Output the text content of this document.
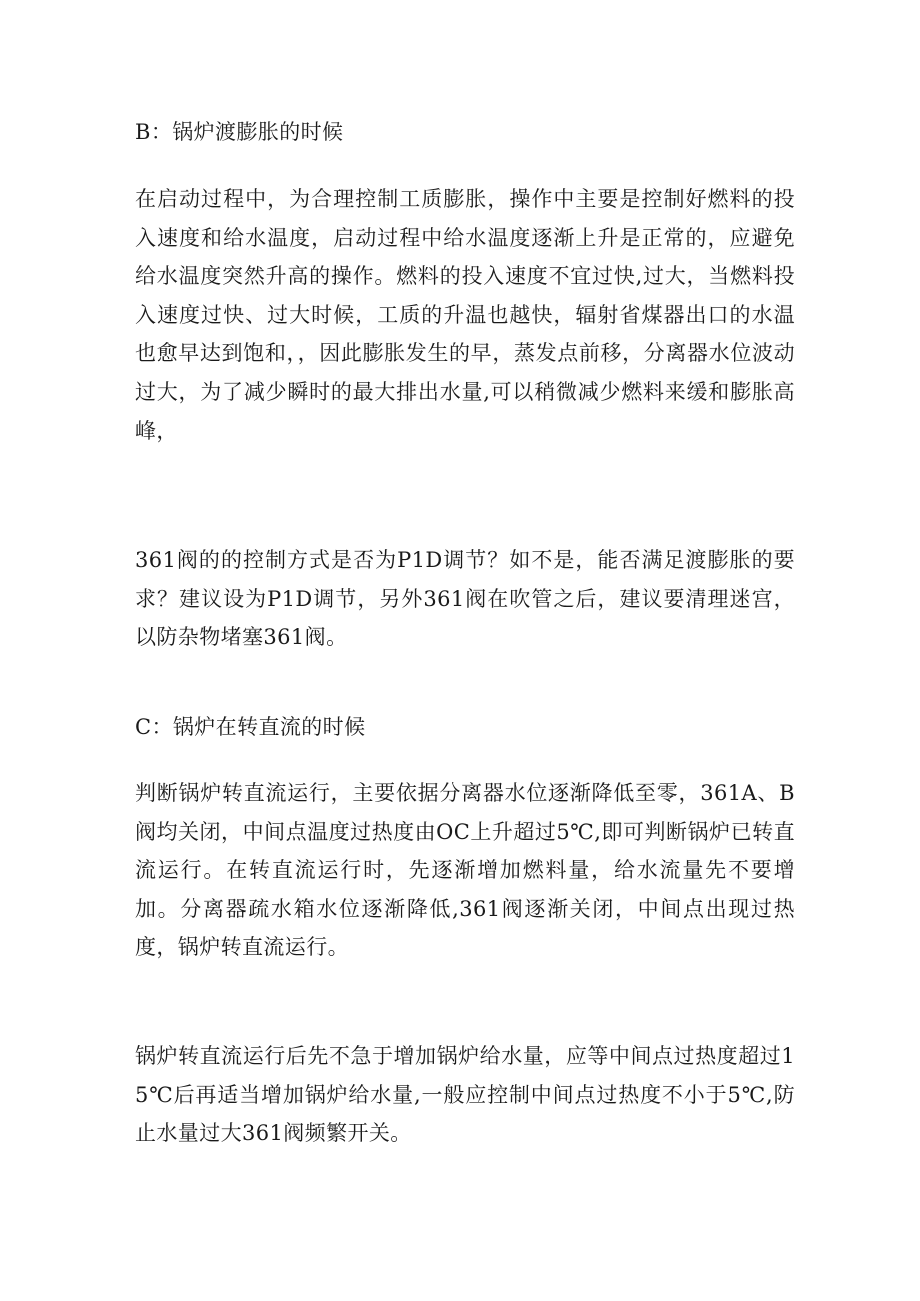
B：锅炉渡膨胀的时候

在启动过程中，为合理控制工质膨胀，操作中主要是控制好燃料的投入速度和给水温度，启动过程中给水温度逐渐上升是正常的，应避免给水温度突然升高的操作。燃料的投入速度不宜过快,过大，当燃料投入速度过快、过大时候，工质的升温也越快，辐射省煤器出口的水温也愈早达到饱和，，因此膨胀发生的早，蒸发点前移，分离器水位波动过大，为了减少瞬时的最大排出水量,可以稍微减少燃料来缓和膨胀高峰，

361阀的的控制方式是否为P1D调节？如不是，能否满足渡膨胀的要求？建议设为P1D调节，另外361阀在吹管之后，建议要清理迷宫，以防杂物堵塞361阀。

C：锅炉在转直流的时候

判断锅炉转直流运行，主要依据分离器水位逐渐降低至零，361A、B阀均关闭，中间点温度过热度由OC上升超过5℃,即可判断锅炉已转直流运行。在转直流运行时，先逐渐增加燃料量，给水流量先不要增加。分离器疏水箱水位逐渐降低,361阀逐渐关闭，中间点出现过热度，锅炉转直流运行。

锅炉转直流运行后先不急于增加锅炉给水量，应等中间点过热度超过15℃后再适当增加锅炉给水量,一般应控制中间点过热度不小于5℃,防止水量过大361阀频繁开关。
